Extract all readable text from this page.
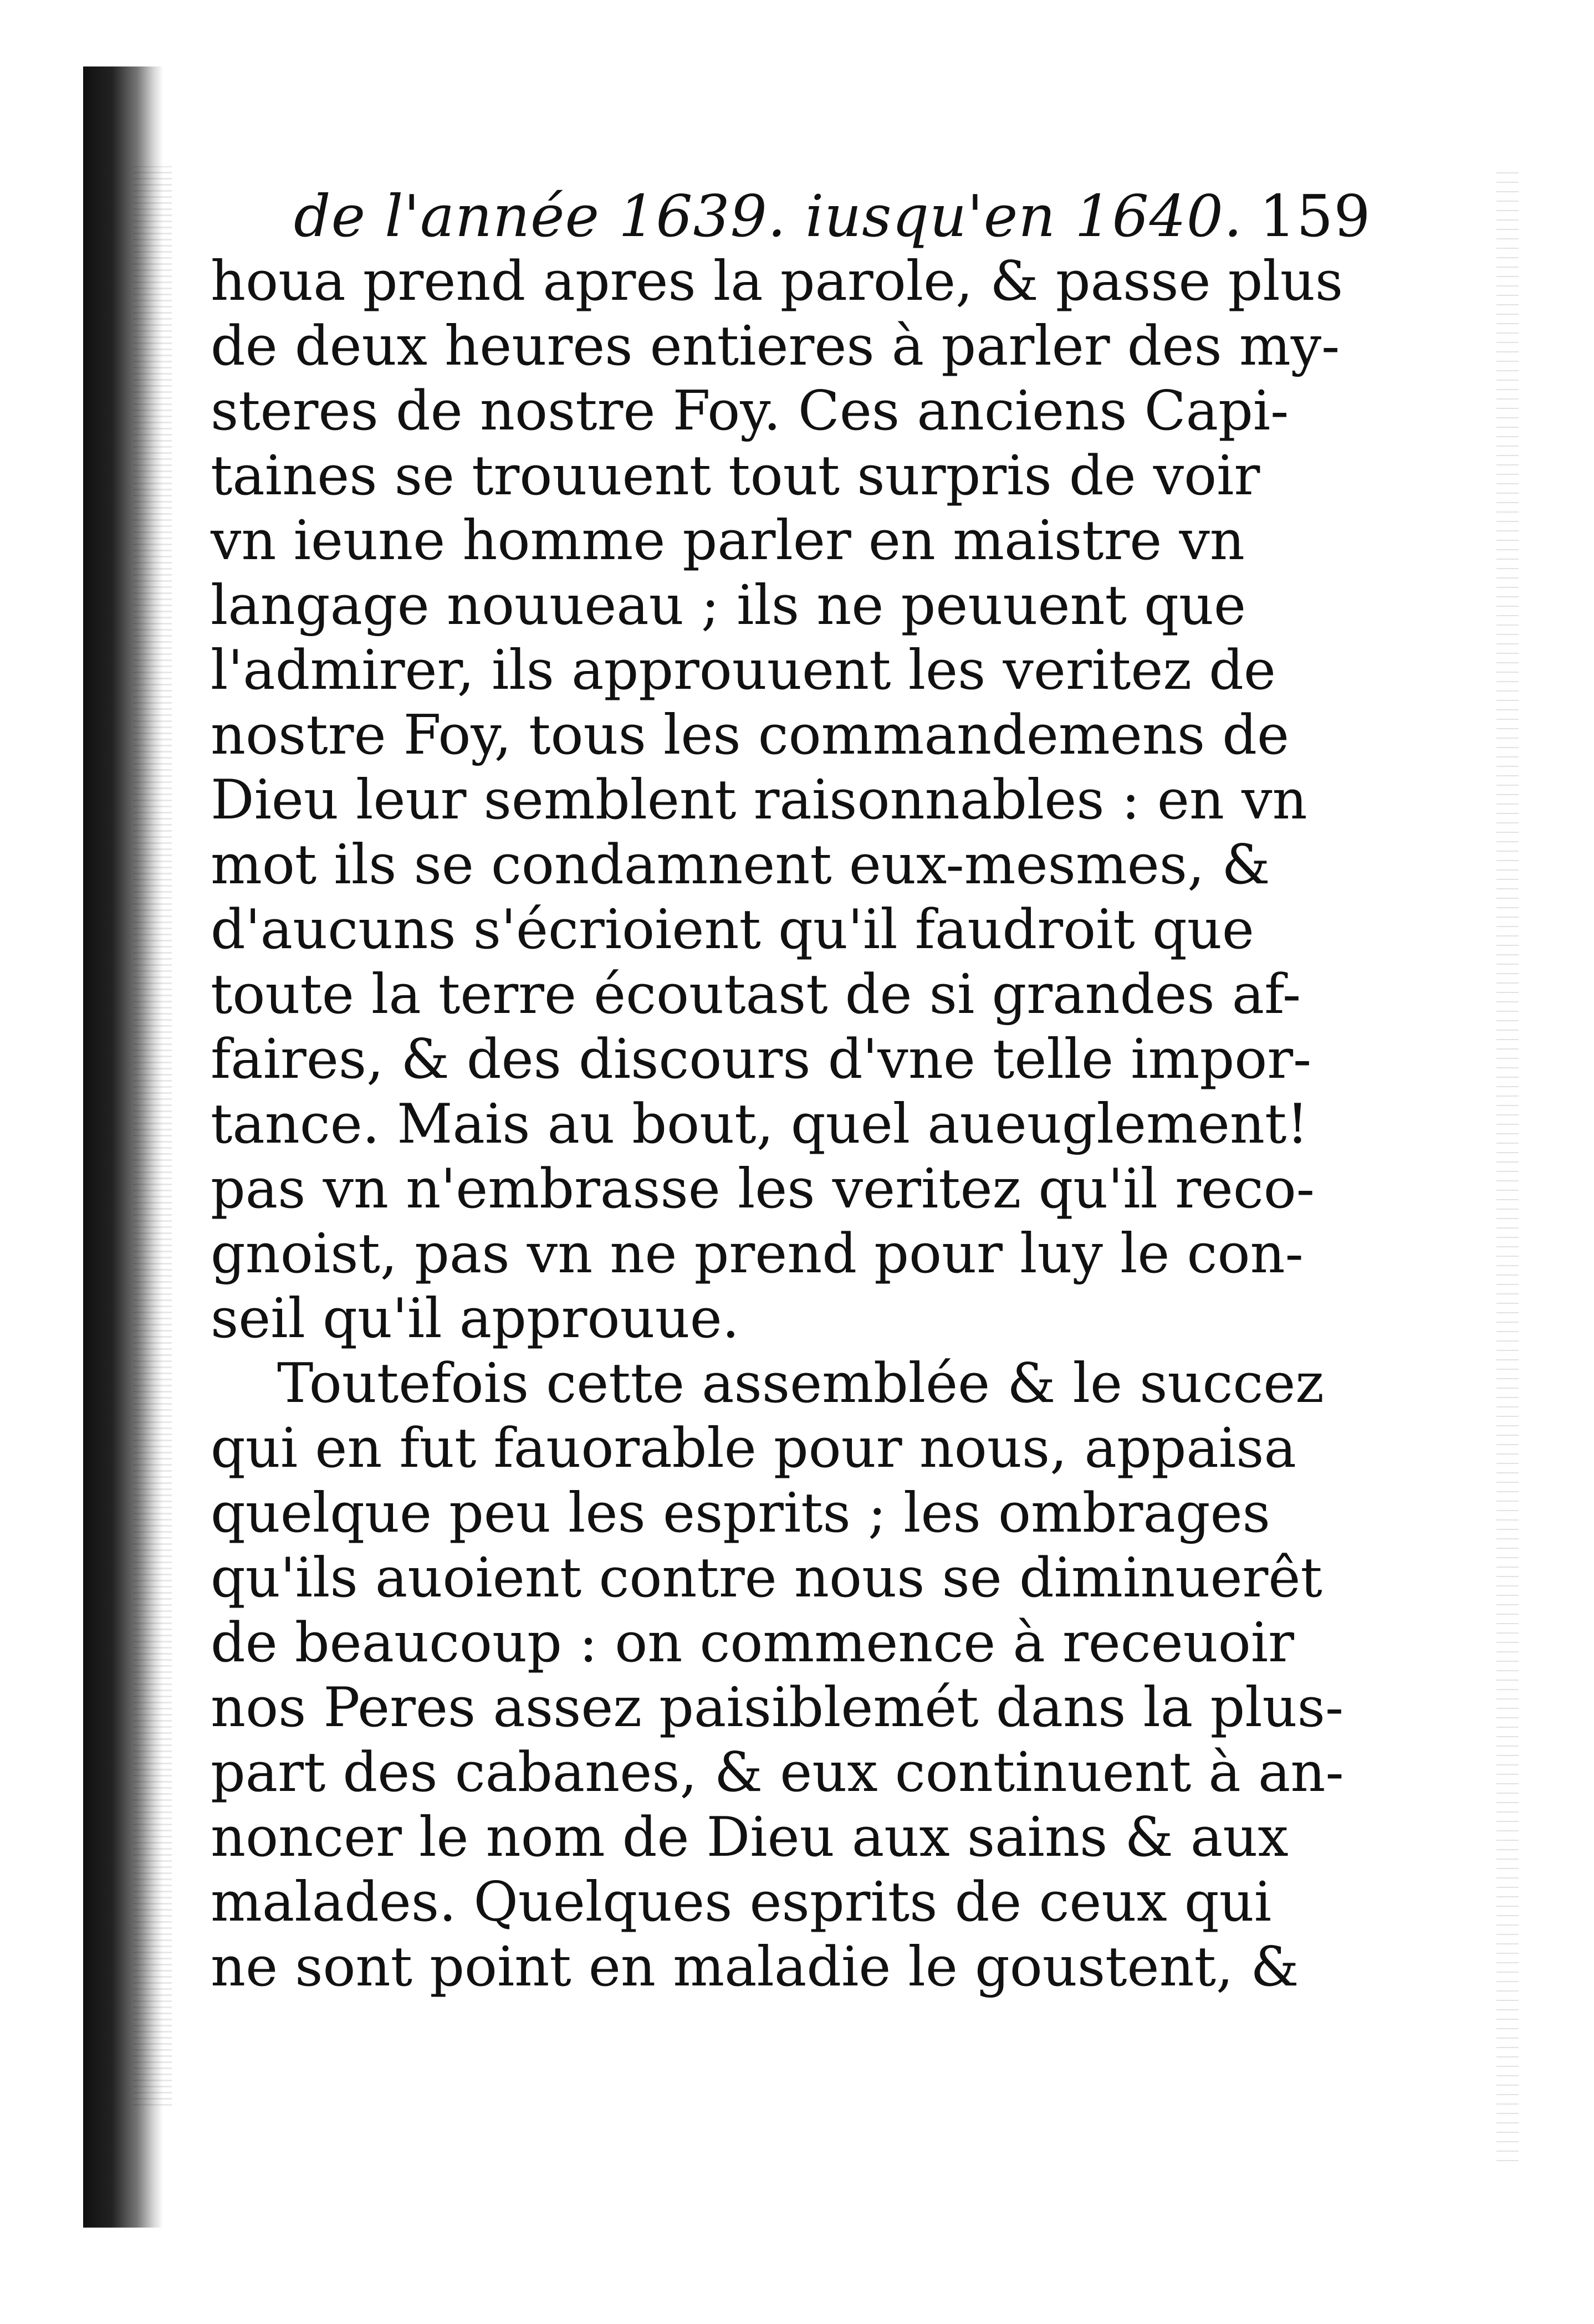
de l'année 1639. iusqu'en 1640. 159
houa prend apres la parole, & passe plus
de deux heures entieres à parler des my-
steres de nostre Foy. Ces anciens Capi-
taines se trouuent tout surpris de voir
vn ieune homme parler en maistre vn
langage nouueau ; ils ne peuuent que
l'admirer, ils approuuent les veritez de
nostre Foy, tous les commandemens de
Dieu leur semblent raisonnables : en vn
mot ils se condamnent eux-mesmes, &
d'aucuns s'écrioient qu'il faudroit que
toute la terre écoutast de si grandes af-
faires, & des discours d'vne telle impor-
tance. Mais au bout, quel aueuglement!
pas vn n'embrasse les veritez qu'il reco-
gnoist, pas vn ne prend pour luy le con-
seil qu'il approuue.
Toutefois cette assemblée & le succez
qui en fut fauorable pour nous, appaisa
quelque peu les esprits ; les ombrages
qu'ils auoient contre nous se diminuerêt
de beaucoup : on commence à receuoir
nos Peres assez paisiblemét dans la plus-
part des cabanes, & eux continuent à an-
noncer le nom de Dieu aux sains & aux
malades. Quelques esprits de ceux qui
ne sont point en maladie le goustent, &
